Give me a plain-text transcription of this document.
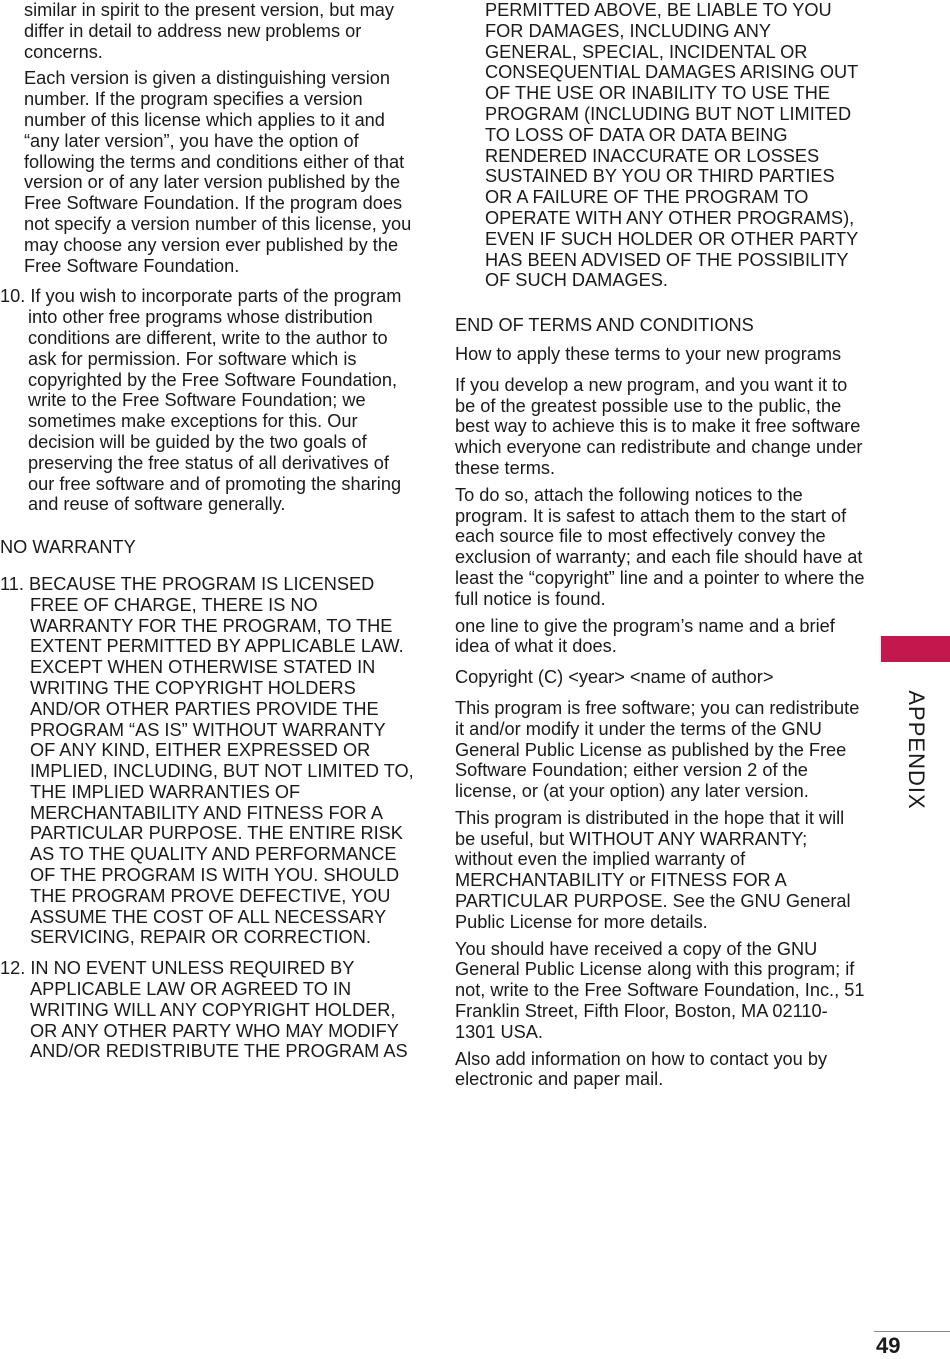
similar in spirit to the present version, but may differ in detail to address new problems or concerns.

Each version is given a distinguishing version number. If the program specifies a version number of this license which applies to it and “any later version”, you have the option of following the terms and conditions either of that version or of any later version published by the Free Software Foundation. If the program does not specify a version number of this license, you may choose any version ever published by the Free Software Foundation.

10. If you wish to incorporate parts of the program into other free programs whose distribution conditions are different, write to the author to ask for permission. For software which is copyrighted by the Free Software Foundation, write to the Free Software Foundation; we sometimes make exceptions for this. Our decision will be guided by the two goals of preserving the free status of all derivatives of our free software and of promoting the sharing and reuse of software generally.

NO WARRANTY

11. BECAUSE THE PROGRAM IS LICENSED FREE OF CHARGE, THERE IS NO WARRANTY FOR THE PROGRAM, TO THE EXTENT PERMITTED BY APPLICABLE LAW. EXCEPT WHEN OTHERWISE STATED IN WRITING THE COPYRIGHT HOLDERS AND/OR OTHER PARTIES PROVIDE THE PROGRAM “AS IS” WITHOUT WARRANTY OF ANY KIND, EITHER EXPRESSED OR IMPLIED, INCLUDING, BUT NOT LIMITED TO, THE IMPLIED WARRANTIES OF MERCHANTABILITY AND FITNESS FOR A PARTICULAR PURPOSE. THE ENTIRE RISK AS TO THE QUALITY AND PERFORMANCE OF THE PROGRAM IS WITH YOU. SHOULD THE PROGRAM PROVE DEFECTIVE, YOU ASSUME THE COST OF ALL NECESSARY SERVICING, REPAIR OR CORRECTION.

12. IN NO EVENT UNLESS REQUIRED BY APPLICABLE LAW OR AGREED TO IN WRITING WILL ANY COPYRIGHT HOLDER, OR ANY OTHER PARTY WHO MAY MODIFY AND/OR REDISTRIBUTE THE PROGRAM AS

PERMITTED ABOVE, BE LIABLE TO YOU FOR DAMAGES, INCLUDING ANY GENERAL, SPECIAL, INCIDENTAL OR CONSEQUENTIAL DAMAGES ARISING OUT OF THE USE OR INABILITY TO USE THE PROGRAM (INCLUDING BUT NOT LIMITED TO LOSS OF DATA OR DATA BEING RENDERED INACCURATE OR LOSSES SUSTAINED BY YOU OR THIRD PARTIES OR A FAILURE OF THE PROGRAM TO OPERATE WITH ANY OTHER PROGRAMS), EVEN IF SUCH HOLDER OR OTHER PARTY HAS BEEN ADVISED OF THE POSSIBILITY OF SUCH DAMAGES.

END OF TERMS AND CONDITIONS

How to apply these terms to your new programs

If you develop a new program, and you want it to be of the greatest possible use to the public, the best way to achieve this is to make it free software which everyone can redistribute and change under these terms.

To do so, attach the following notices to the program. It is safest to attach them to the start of each source file to most effectively convey the exclusion of warranty; and each file should have at least the “copyright” line and a pointer to where the full notice is found.

one line to give the program’s name and a brief idea of what it does.

Copyright (C) <year> <name of author>

This program is free software; you can redistribute it and/or modify it under the terms of the GNU General Public License as published by the Free Software Foundation; either version 2 of the license, or (at your option) any later version.

This program is distributed in the hope that it will be useful, but WITHOUT ANY WARRANTY; without even the implied warranty of MERCHANTABILITY or FITNESS FOR A PARTICULAR PURPOSE. See the GNU General Public License for more details.

You should have received a copy of the GNU General Public License along with this program; if not, write to the Free Software Foundation, Inc., 51 Franklin Street, Fifth Floor, Boston, MA 02110-1301 USA.

Also add information on how to contact you by electronic and paper mail.

APPENDIX
49
